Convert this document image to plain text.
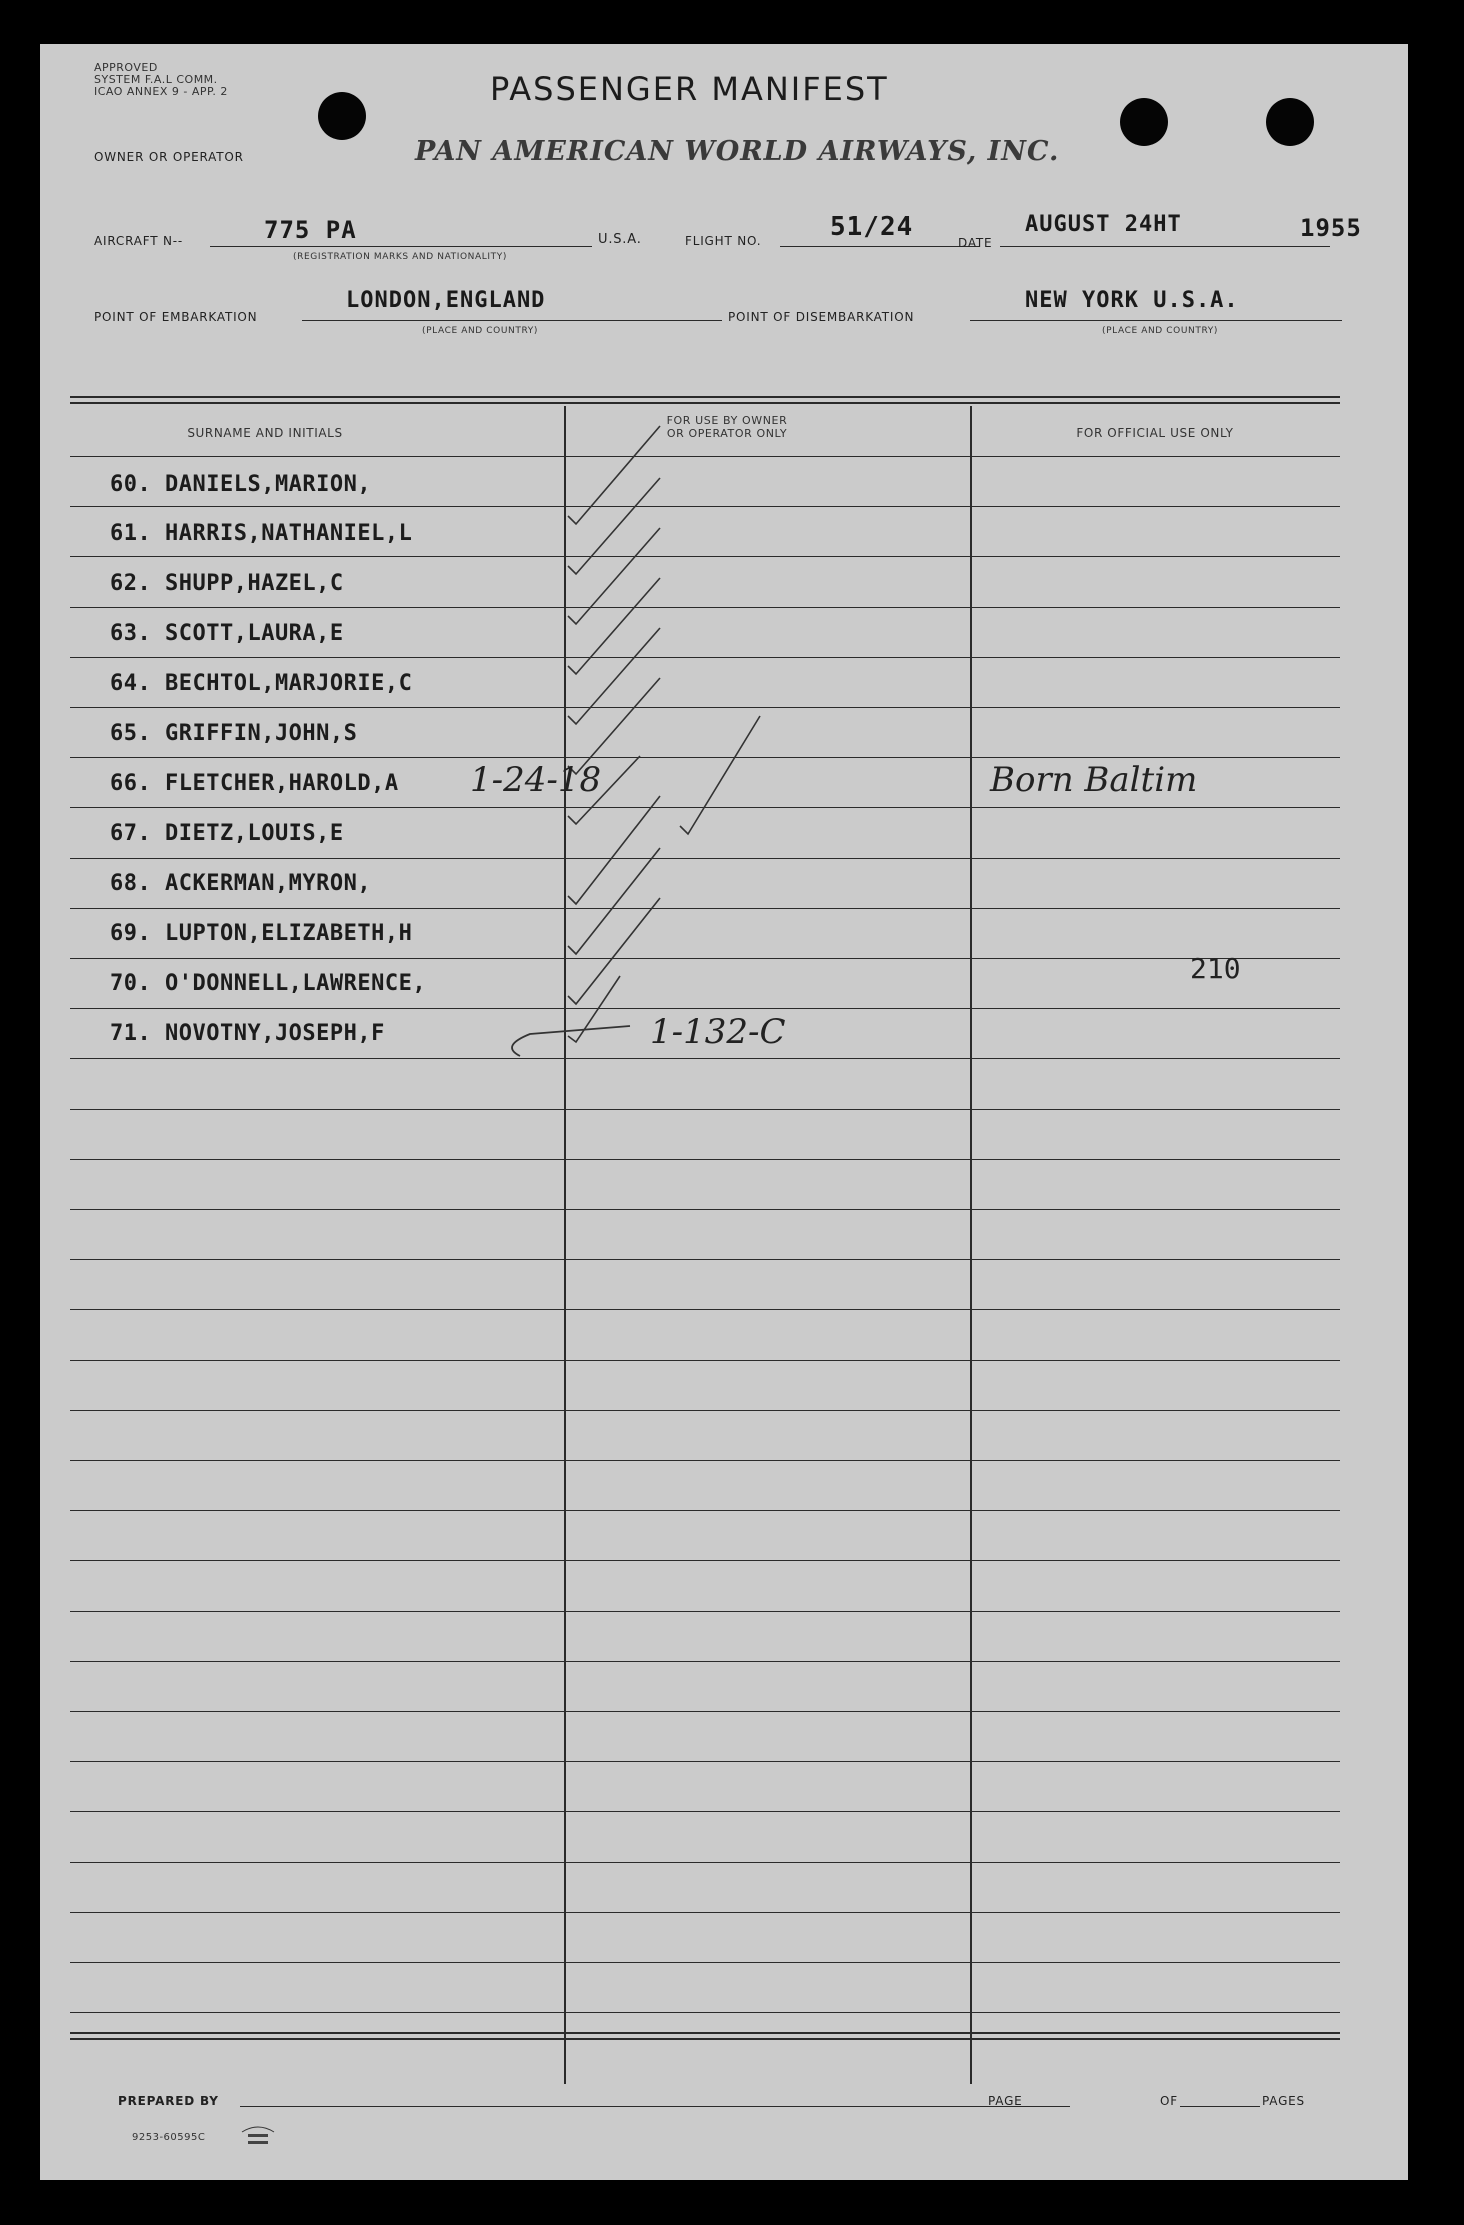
APPROVED
SYSTEM F.A.L COMM.
ICAO ANNEX 9 - APP. 2	PASSENGER MANIFEST
OWNER OR OPERATOR	PAN AMERICAN WORLD AIRWAYS, INC.
AIRCRAFT N--	775 PA
(REGISTRATION MARKS AND NATIONALITY)
U.S.A.	FLIGHT NO.	51/24
DATE
AUGUST 24HT	1955
POINT OF EMBARKATION
LONDON,ENGLAND
(PLACE AND COUNTRY)
POINT OF DISEMBARKATION
NEW YORK U.S.A.
(PLACE AND COUNTRY)
SURNAME AND INITIALS
FOR USE BY OWNER OR OPERATOR ONLY	FOR OFFICIAL USE ONLY
60. DANIELS,MARION,
61. HARRIS,NATHANIEL,L
62. SHUPP,HAZEL,C
63. SCOTT,LAURA,E
64. BECHTOL,MARJORIE,C
65. GRIFFIN,JOHN,S
66. FLETCHER,HAROLD,A
67. DIETZ,LOUIS,E
68. ACKERMAN,MYRON,
69. LUPTON,ELIZABETH,H
70. O'DONNELL,LAWRENCE,
71. NOVOTNY,JOSEPH,F
1-24-18	Born Baltim
210
1-132-C
PREPARED BY	PAGE	OF	PAGES
9253-60595C
